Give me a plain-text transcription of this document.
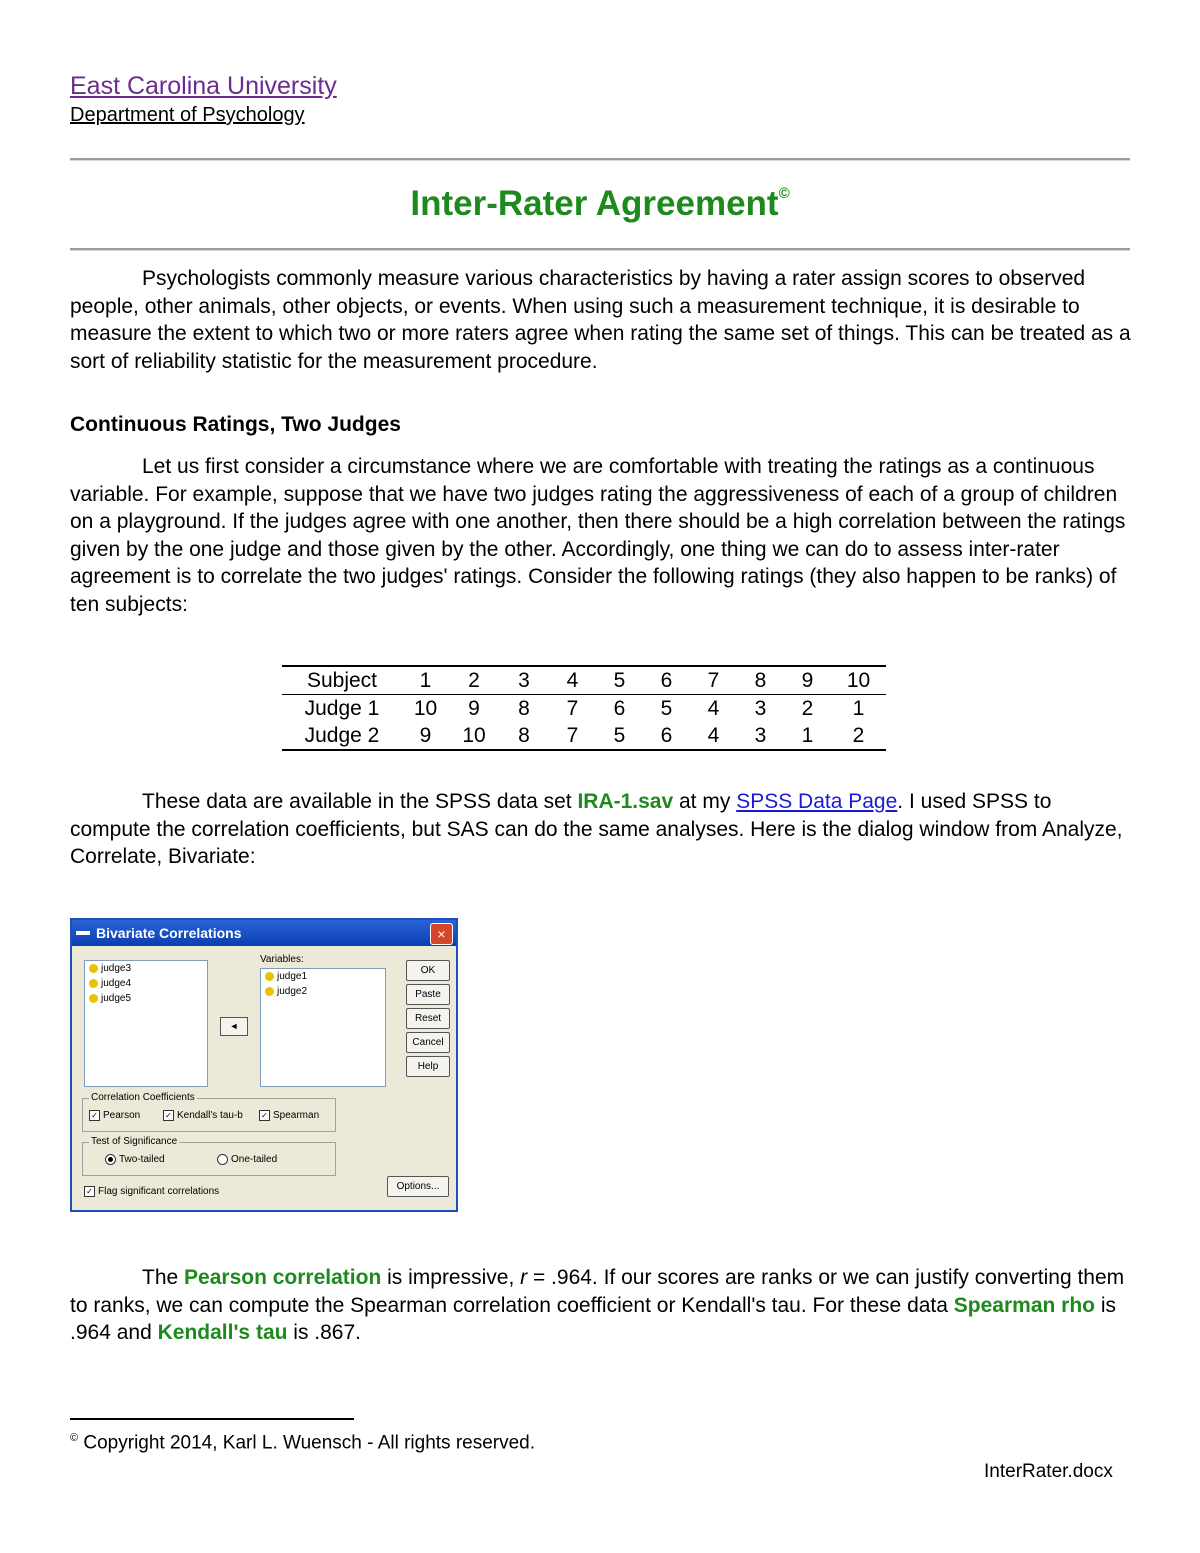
East Carolina University
Department of Psychology
Inter-Rater Agreement©

Psychologists commonly measure various characteristics by having a rater assign scores to observed people, other animals, other objects, or events. When using such a measurement technique, it is desirable to measure the extent to which two or more raters agree when rating the same set of things. This can be treated as a sort of reliability statistic for the measurement procedure.

Continuous Ratings, Two Judges

Let us first consider a circumstance where we are comfortable with treating the ratings as a continuous variable. For example, suppose that we have two judges rating the aggressiveness of each of a group of children on a playground. If the judges agree with one another, then there should be a high correlation between the ratings given by the one judge and those given by the other. Accordingly, one thing we can do to assess inter-rater agreement is to correlate the two judges' ratings. Consider the following ratings (they also happen to be ranks) of ten subjects:

Subject	1	2	3	4	5	6	7	8	9	10
Judge 1	10	9	8	7	6	5	4	3	2	1
Judge 2	9	10	8	7	5	6	4	3	1	2

These data are available in the SPSS data set IRA-1.sav at my SPSS Data Page. I used SPSS to compute the correlation coefficients, but SAS can do the same analyses. Here is the dialog window from Analyze, Correlate, Bivariate:

Bivariate Correlations	×
judge3
judge4
judge5
◄
Variables:
judge1
judge2
OK
Paste
Reset
Cancel
Help
Correlation Coefficients
✓ Pearson	✓ Kendall's tau-b ✓ Spearman
Test of Significance
Two-tailed	One-tailed
✓ Flag significant correlations	Options...

The Pearson correlation is impressive, r = .964. If our scores are ranks or we can justify converting them to ranks, we can compute the Spearman correlation coefficient or Kendall's tau. For these data Spearman rho is .964 and Kendall's tau is .867.

© Copyright 2014, Karl L. Wuensch - All rights reserved.
InterRater.docx
